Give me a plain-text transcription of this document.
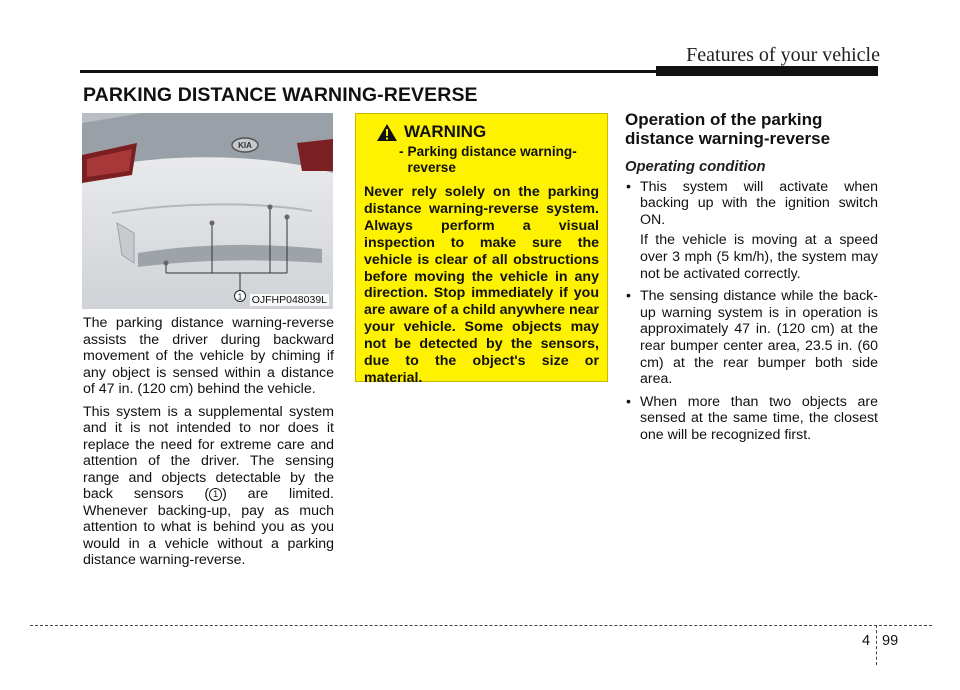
Features of your vehicle
PARKING DISTANCE WARNING-REVERSE
KIA
1 OJFHP048039L

The parking distance warning-reverse assists the driver during backward movement of the vehicle by chiming if any object is sensed within a distance of 47 in. (120 cm) behind the vehicle.

This system is a supplemental system and it is not intended to nor does it replace the need for extreme care and attention of the driver. The sensing range and objects detectable by the back sensors ( 1 ) are limited. Whenever backing-up, pay as much attention to what is behind you as you would in a vehicle without a parking distance warning-reverse.

WARNING
- Parking distance warning-reverse
Never rely solely on the parking distance warning-reverse system. Always perform a visual inspection to make sure the vehicle is clear of all obstructions before moving the vehicle in any direction. Stop immediately if you are aware of a child anywhere near your vehicle. Some objects may not be detected by the sensors, due to the object's size or material.
Operation of the parking distance warning-reverse
Operating condition

• This system will activate when backing up with the ignition switch ON.

If the vehicle is moving at a speed over 3 mph (5 km/h), the system may not be activated correctly.

• The sensing distance while the back-up warning system is in operation is approximately 47 in. (120 cm) at the rear bumper center area, 23.5 in. (60 cm) at the rear bumper both side area.
• When more than two objects are sensed at the same time, the closest one will be recognized first.
4 99
